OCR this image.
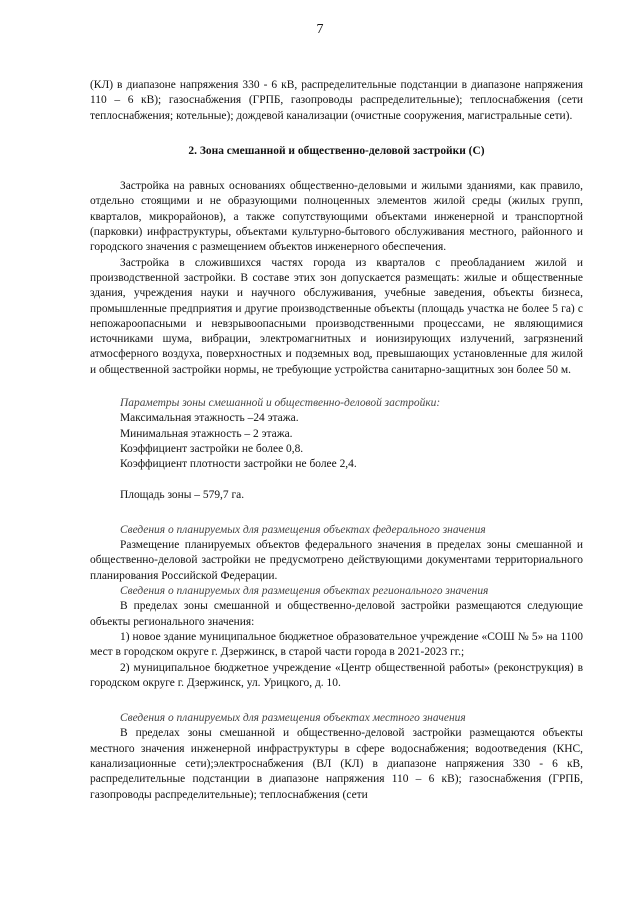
7

(КЛ) в диапазоне напряжения 330 - 6 кВ, распределительные подстанции в диапазоне напряжения 110 – 6 кВ); газоснабжения (ГРПБ, газопроводы распределительные); теплоснабжения (сети теплоснабжения; котельные); дождевой канализации (очистные сооружения, магистральные сети).

2. Зона смешанной и общественно-деловой застройки (С)

Застройка на равных основаниях общественно-деловыми и жилыми зданиями, как правило, отдельно стоящими и не образующими полноценных элементов жилой среды (жилых групп, кварталов, микрорайонов), а также сопутствующими объектами инженерной и транспортной (парковки) инфраструктуры, объектами культурно-бытового обслуживания местного, районного и городского значения с размещением объектов инженерного обеспечения.

Застройка в сложившихся частях города из кварталов с преобладанием жилой и производственной застройки. В составе этих зон допускается размещать: жилые и общественные здания, учреждения науки и научного обслуживания, учебные заведения, объекты бизнеса, промышленные предприятия и другие производственные объекты (площадь участка не более 5 га) с непожароопасными и невзрывоопасными производственными процессами, не являющимися источниками шума, вибрации, электромагнитных и ионизирующих излучений, загрязнений атмосферного воздуха, поверхностных и подземных вод, превышающих установленные для жилой и общественной застройки нормы, не требующие устройства санитарно-защитных зон более 50 м.

Параметры зоны смешанной и общественно-деловой застройки:

Максимальная этажность –24 этажа.

Минимальная этажность – 2 этажа.

Коэффициент застройки не более 0,8.

Коэффициент плотности застройки не более 2,4.

Площадь зоны – 579,7 га.

Сведения о планируемых для размещения объектах федерального значения

Размещение планируемых объектов федерального значения в пределах зоны смешанной и общественно-деловой застройки не предусмотрено действующими документами территориального планирования Российской Федерации.

Сведения о планируемых для размещения объектах регионального значения

В пределах зоны смешанной и общественно-деловой застройки размещаются следующие объекты регионального значения:

1) новое здание муниципальное бюджетное образовательное учреждение «СОШ № 5» на 1100 мест в городском округе г. Дзержинск, в старой части города в 2021-2023 гг.;

2) муниципальное бюджетное учреждение «Центр общественной работы» (реконструкция) в городском округе г. Дзержинск, ул. Урицкого, д. 10.

Сведения о планируемых для размещения объектах местного значения

В пределах зоны смешанной и общественно-деловой застройки размещаются объекты местного значения инженерной инфраструктуры в сфере водоснабжения; водоотведения (КНС, канализационные сети);электроснабжения (ВЛ (КЛ) в диапазоне напряжения 330 - 6 кВ, распределительные подстанции в диапазоне напряжения 110 – 6 кВ); газоснабжения (ГРПБ, газопроводы распределительные); теплоснабжения (сети
